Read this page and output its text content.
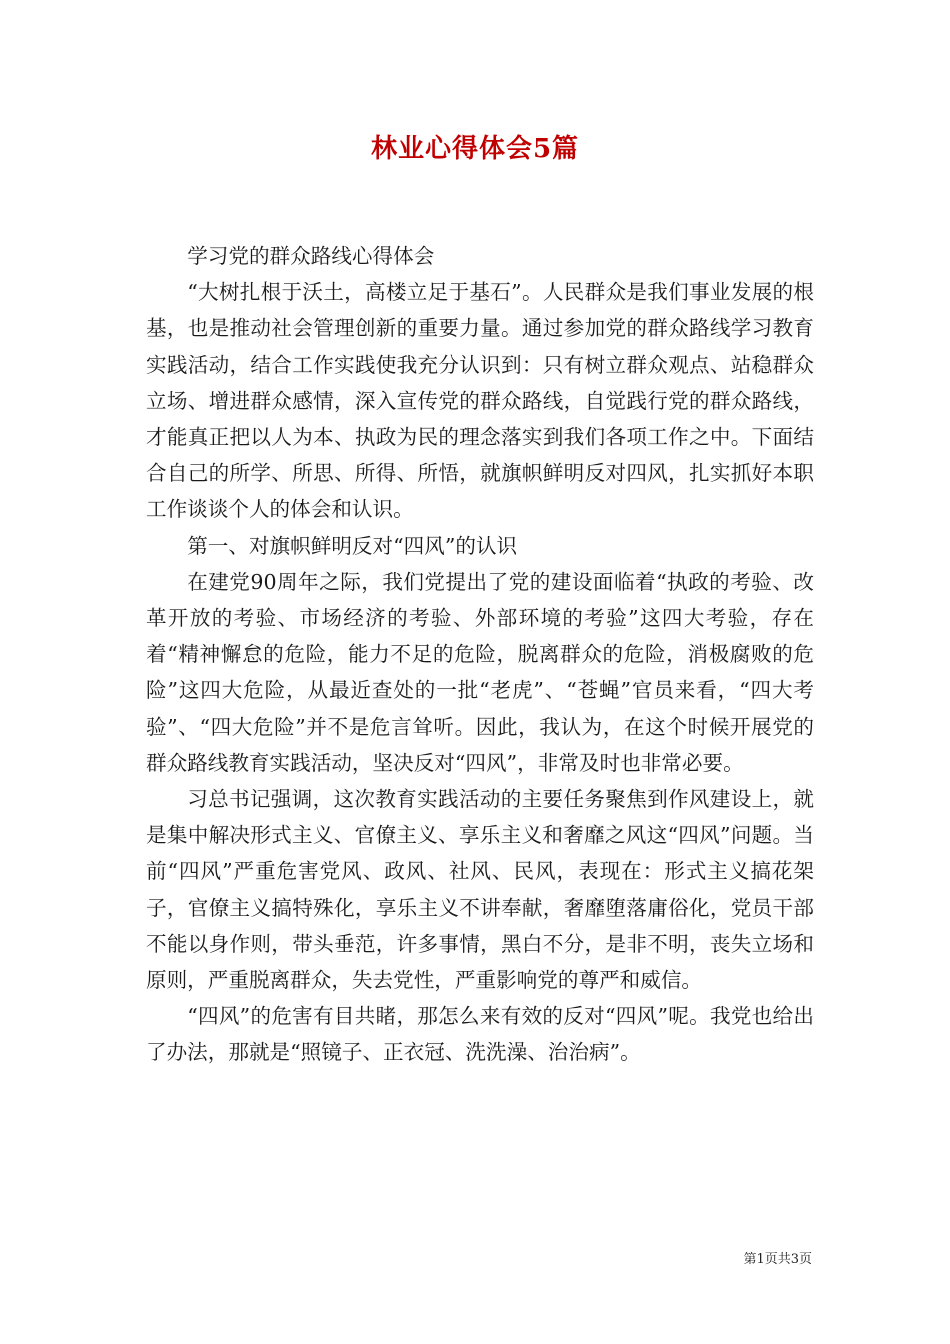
林业心得体会5篇

学习党的群众路线心得体会

“大树扎根于沃土，高楼立足于基石”。人民群众是我们事业发展的根基，也是推动社会管理创新的重要力量。通过参加党的群众路线学习教育实践活动，结合工作实践使我充分认识到：只有树立群众观点、站稳群众立场、增进群众感情，深入宣传党的群众路线，自觉践行党的群众路线，才能真正把以人为本、执政为民的理念落实到我们各项工作之中。下面结合自己的所学、所思、所得、所悟，就旗帜鲜明反对四风，扎实抓好本职工作谈谈个人的体会和认识。

第一、对旗帜鲜明反对“四风”的认识

在建党90周年之际，我们党提出了党的建设面临着“执政的考验、改革开放的考验、市场经济的考验、外部环境的考验”这四大考验，存在着“精神懈怠的危险，能力不足的危险，脱离群众的危险，消极腐败的危险”这四大危险，从最近查处的一批“老虎”、“苍蝇”官员来看，“四大考验”、“四大危险”并不是危言耸听。因此，我认为，在这个时候开展党的群众路线教育实践活动，坚决反对“四风”，非常及时也非常必要。

习总书记强调，这次教育实践活动的主要任务聚焦到作风建设上，就是集中解决形式主义、官僚主义、享乐主义和奢靡之风这“四风”问题。当前“四风”严重危害党风、政风、社风、民风，表现在：形式主义搞花架子，官僚主义搞特殊化，享乐主义不讲奉献，奢靡堕落庸俗化，党员干部不能以身作则，带头垂范，许多事情，黑白不分，是非不明，丧失立场和原则，严重脱离群众，失去党性，严重影响党的尊严和威信。

“四风”的危害有目共睹，那怎么来有效的反对“四风”呢。我党也给出了办法，那就是“照镜子、正衣冠、洗洗澡、治治病”。

第1页共3页
